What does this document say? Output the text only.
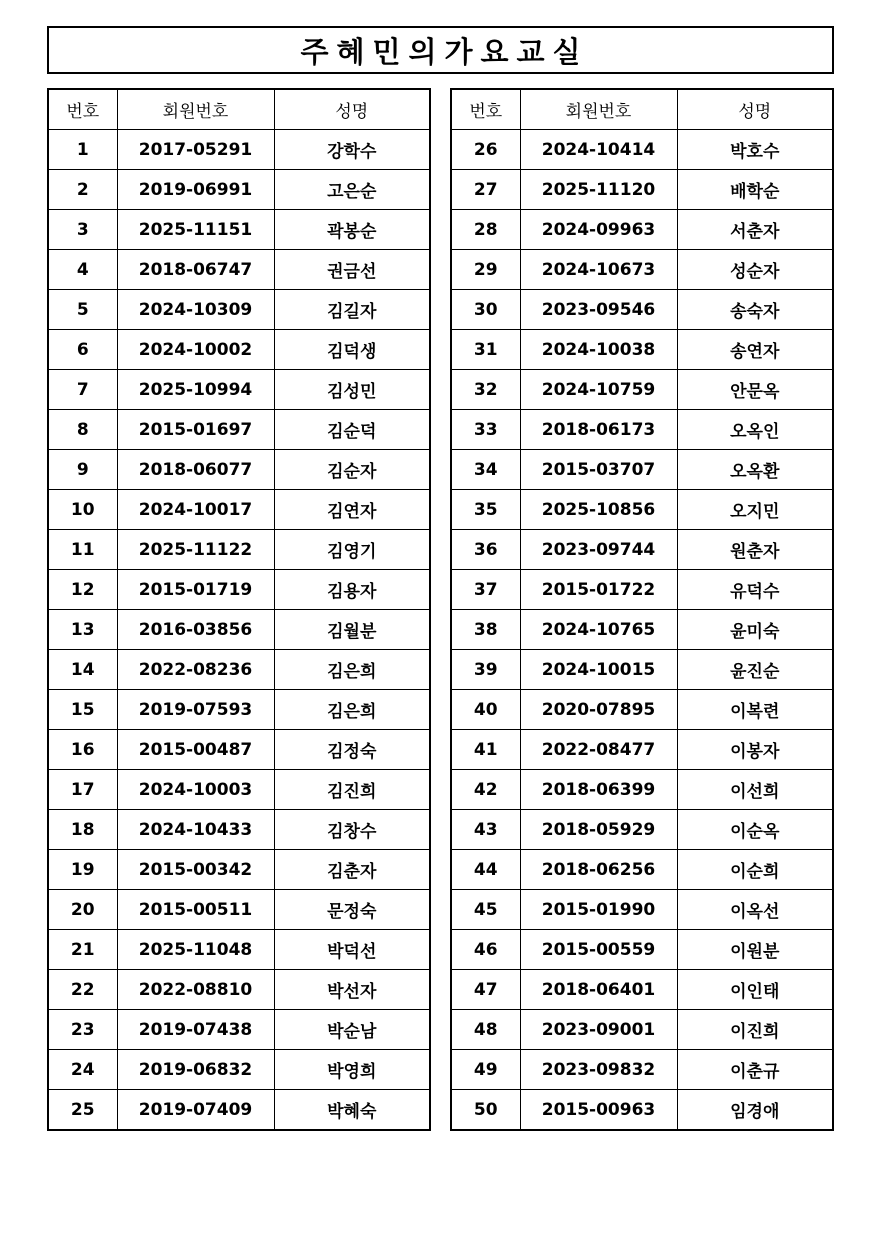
주혜민의가요교실
번호	회원번호	성명
1	2017-05291	강학수
2	2019-06991	고은순
3	2025-11151	곽봉순
4	2018-06747	권금선
5	2024-10309	김길자
6	2024-10002	김덕생
7	2025-10994	김성민
8	2015-01697	김순덕
9	2018-06077	김순자
10	2024-10017	김연자
11	2025-11122	김영기
12	2015-01719	김용자
13	2016-03856	김월분
14	2022-08236	김은희
15	2019-07593	김은희
16	2015-00487	김정숙
17	2024-10003	김진희
18	2024-10433	김창수
19	2015-00342	김춘자
20	2015-00511	문정숙
21	2025-11048	박덕선
22	2022-08810	박선자
23	2019-07438	박순남
24	2019-06832	박영희
25	2019-07409	박혜숙
번호	회원번호	성명
26	2024-10414	박호수
27	2025-11120	배학순
28	2024-09963	서춘자
29	2024-10673	성순자
30	2023-09546	송숙자
31	2024-10038	송연자
32	2024-10759	안문옥
33	2018-06173	오옥인
34	2015-03707	오옥환
35	2025-10856	오지민
36	2023-09744	원춘자
37	2015-01722	유덕수
38	2024-10765	윤미숙
39	2024-10015	윤진순
40	2020-07895	이복련
41	2022-08477	이봉자
42	2018-06399	이선희
43	2018-05929	이순옥
44	2018-06256	이순희
45	2015-01990	이옥선
46	2015-00559	이원분
47	2018-06401	이인태
48	2023-09001	이진희
49	2023-09832	이춘규
50	2015-00963	임경애
